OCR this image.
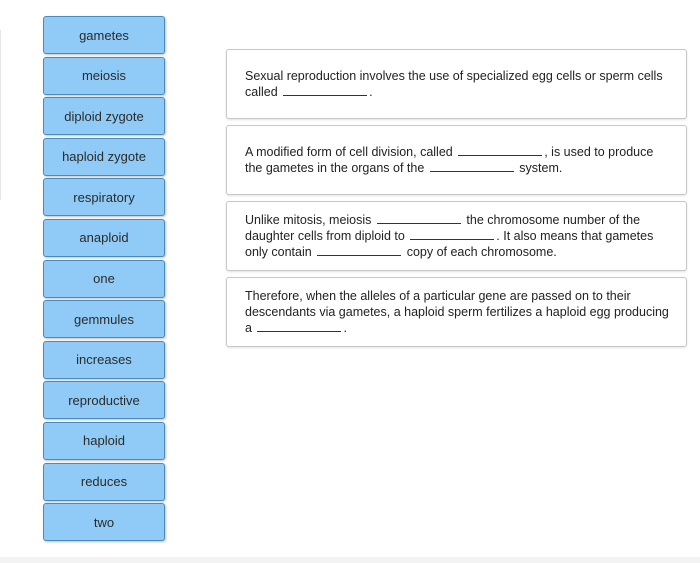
gametes
meiosis
diploid zygote
haploid zygote
respiratory
anaploid
one
gemmules
increases
reproductive
haploid
reduces
two

Sexual reproduction involves the use of specialized egg cells or sperm cells called	.

A modified form of cell division, called	, is used to produce the gametes in the organs of the	system.

Unlike mitosis, meiosis	the chromosome number of the daughter cells from diploid to	. It also means that gametes only contain	copy of each chromosome.

Therefore, when the alleles of a particular gene are passed on to their descendants via gametes, a haploid sperm fertilizes a haploid egg producing a	.
